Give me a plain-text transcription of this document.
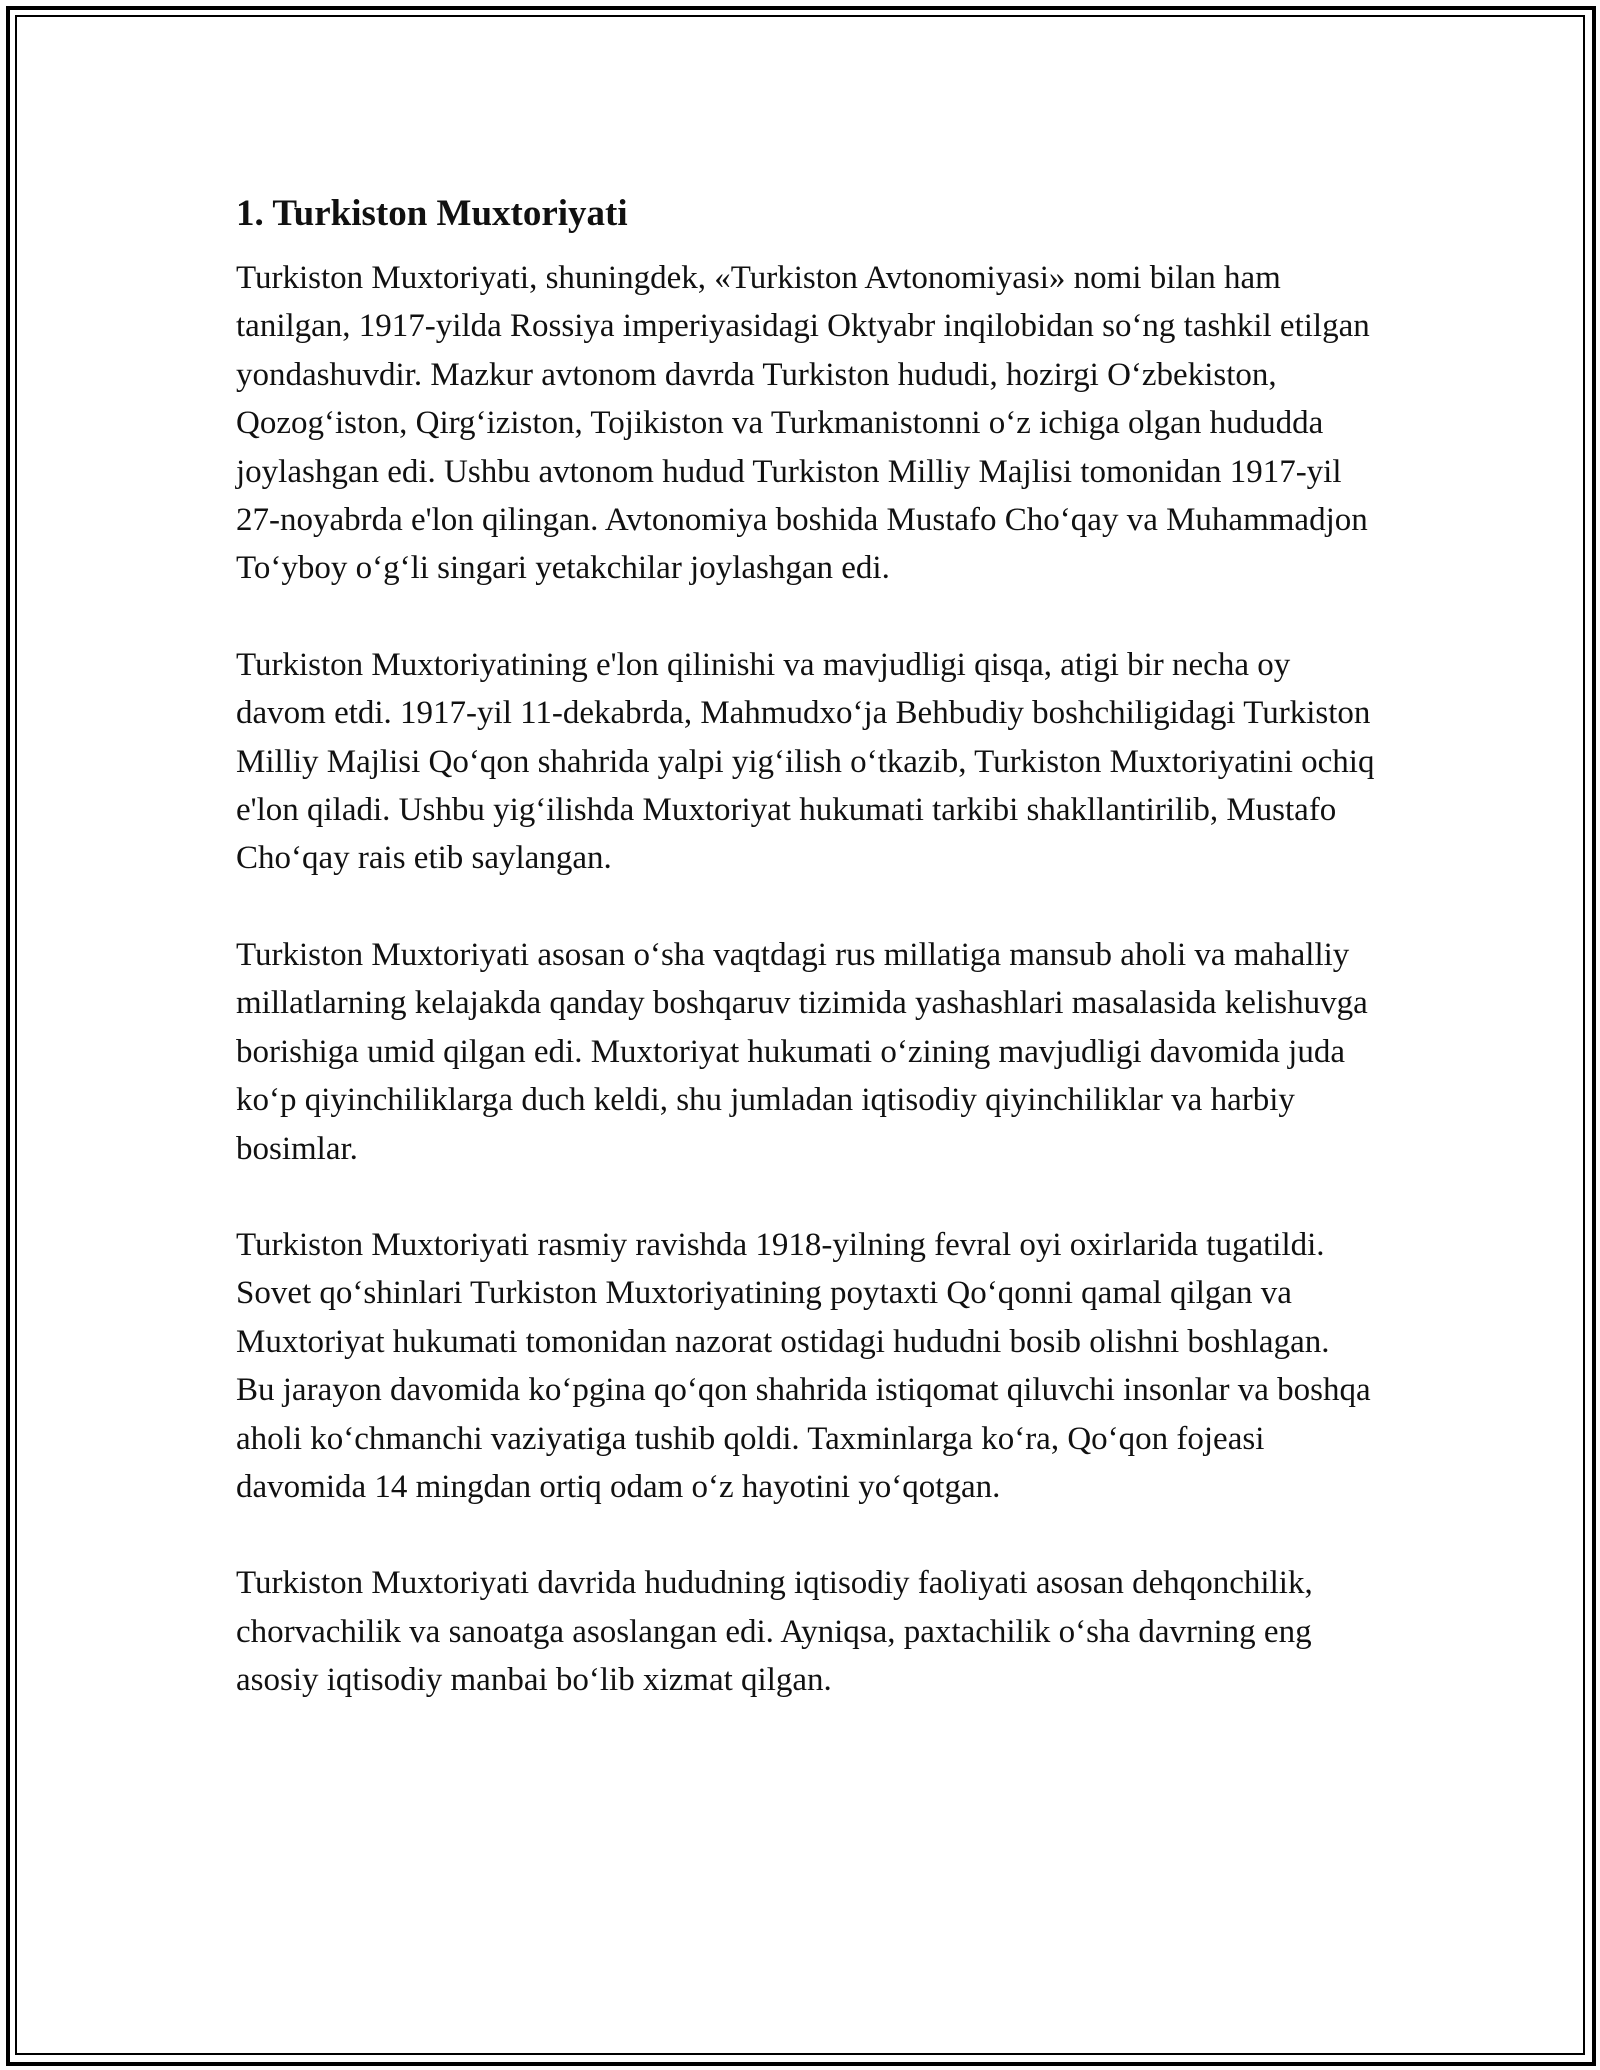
1. Turkiston Muxtoriyati

Turkiston Muxtoriyati, shuningdek, «Turkiston Avtonomiyasi» nomi bilan ham tanilgan, 1917-yilda Rossiya imperiyasidagi Oktyabr inqilobidan so‘ng tashkil etilgan yondashuvdir. Mazkur avtonom davrda Turkiston hududi, hozirgi O‘zbekiston, Qozog‘iston, Qirg‘iziston, Tojikiston va Turkmanistonni o‘z ichiga olgan hududda joylashgan edi. Ushbu avtonom hudud Turkiston Milliy Majlisi tomonidan 1917-yil 27-noyabrda e'lon qilingan. Avtonomiya boshida Mustafo Cho‘qay va Muhammadjon To‘yboy o‘g‘li singari yetakchilar joylashgan edi.

Turkiston Muxtoriyatining e'lon qilinishi va mavjudligi qisqa, atigi bir necha oy davom etdi. 1917-yil 11-dekabrda, Mahmudxo‘ja Behbudiy boshchiligidagi Turkiston Milliy Majlisi Qo‘qon shahrida yalpi yig‘ilish o‘tkazib, Turkiston Muxtoriyatini ochiq e'lon qiladi. Ushbu yig‘ilishda Muxtoriyat hukumati tarkibi shakllantirilib, Mustafo Cho‘qay rais etib saylangan.

Turkiston Muxtoriyati asosan o‘sha vaqtdagi rus millatiga mansub aholi va mahalliy millatlarning kelajakda qanday boshqaruv tizimida yashashlari masalasida kelishuvga borishiga umid qilgan edi. Muxtoriyat hukumati o‘zining mavjudligi davomida juda ko‘p qiyinchiliklarga duch keldi, shu jumladan iqtisodiy qiyinchiliklar va harbiy bosimlar.

Turkiston Muxtoriyati rasmiy ravishda 1918-yilning fevral oyi oxirlarida tugatildi. Sovet qo‘shinlari Turkiston Muxtoriyatining poytaxti Qo‘qonni qamal qilgan va Muxtoriyat hukumati tomonidan nazorat ostidagi hududni bosib olishni boshlagan. Bu jarayon davomida ko‘pgina qo‘qon shahrida istiqomat qiluvchi insonlar va boshqa aholi ko‘chmanchi vaziyatiga tushib qoldi. Taxminlarga ko‘ra, Qo‘qon fojeasi davomida 14 mingdan ortiq odam o‘z hayotini yo‘qotgan.

Turkiston Muxtoriyati davrida hududning iqtisodiy faoliyati asosan dehqonchilik, chorvachilik va sanoatga asoslangan edi. Ayniqsa, paxtachilik o‘sha davrning eng asosiy iqtisodiy manbai bo‘lib xizmat qilgan.
